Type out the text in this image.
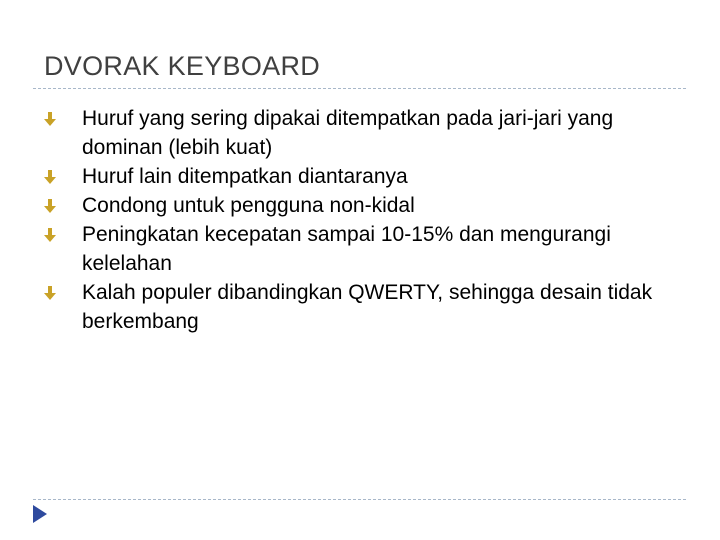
DVORAK KEYBOARD
Huruf yang sering dipakai ditempatkan pada jari-jari yang dominan (lebih kuat)
Huruf lain ditempatkan diantaranya
Condong untuk pengguna non-kidal
Peningkatan kecepatan sampai 10-15% dan mengurangi kelelahan
Kalah populer dibandingkan QWERTY, sehingga desain tidak berkembang
